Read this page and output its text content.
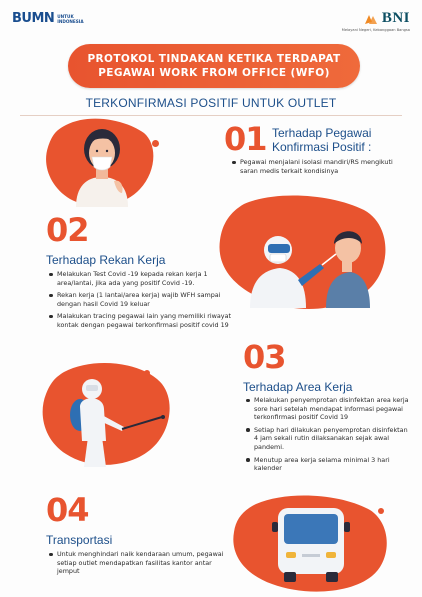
BUMN UNTUK
INDONESIA	BNI
Melayani Negeri, Kebanggaan Bangsa
PROTOKOL TINDAKAN KETIKA TERDAPAT
PEGAWAI WORK FROM OFFICE (WFO)
TERKONFIRMASI POSITIF UNTUK OUTLET
01 Terhadap Pegawai
Konfirmasi Positif :
Pegawai menjalani isolasi mandiri/RS mengikuti saran medis terkait kondisinya
02
Terhadap Rekan Kerja
Melakukan Test Covid -19 kepada rekan kerja 1 area/lantai, jika ada yang positif Covid -19.
Rekan kerja (1 lantai/area kerja) wajib WFH sampai dengan hasil Covid 19 keluar
Malakukan tracing pegawai lain yang memiliki riwayat kontak dengan pegawai terkonfirmasi positif covid 19
03
Terhadap Area Kerja
Melakukan penyemprotan disinfektan area kerja sore hari setelah mendapat informasi pegawai terkonfirmasi positif Covid 19
Setiap hari dilakukan penyemprotan disinfektan 4 jam sekali rutin dilaksanakan sejak awal pandemi.
Menutup area kerja selama minimal 3 hari kalender
04
Transportasi
Untuk menghindari naik kendaraan umum, pegawai setiap outlet mendapatkan fasilitas kantor antar jemput
